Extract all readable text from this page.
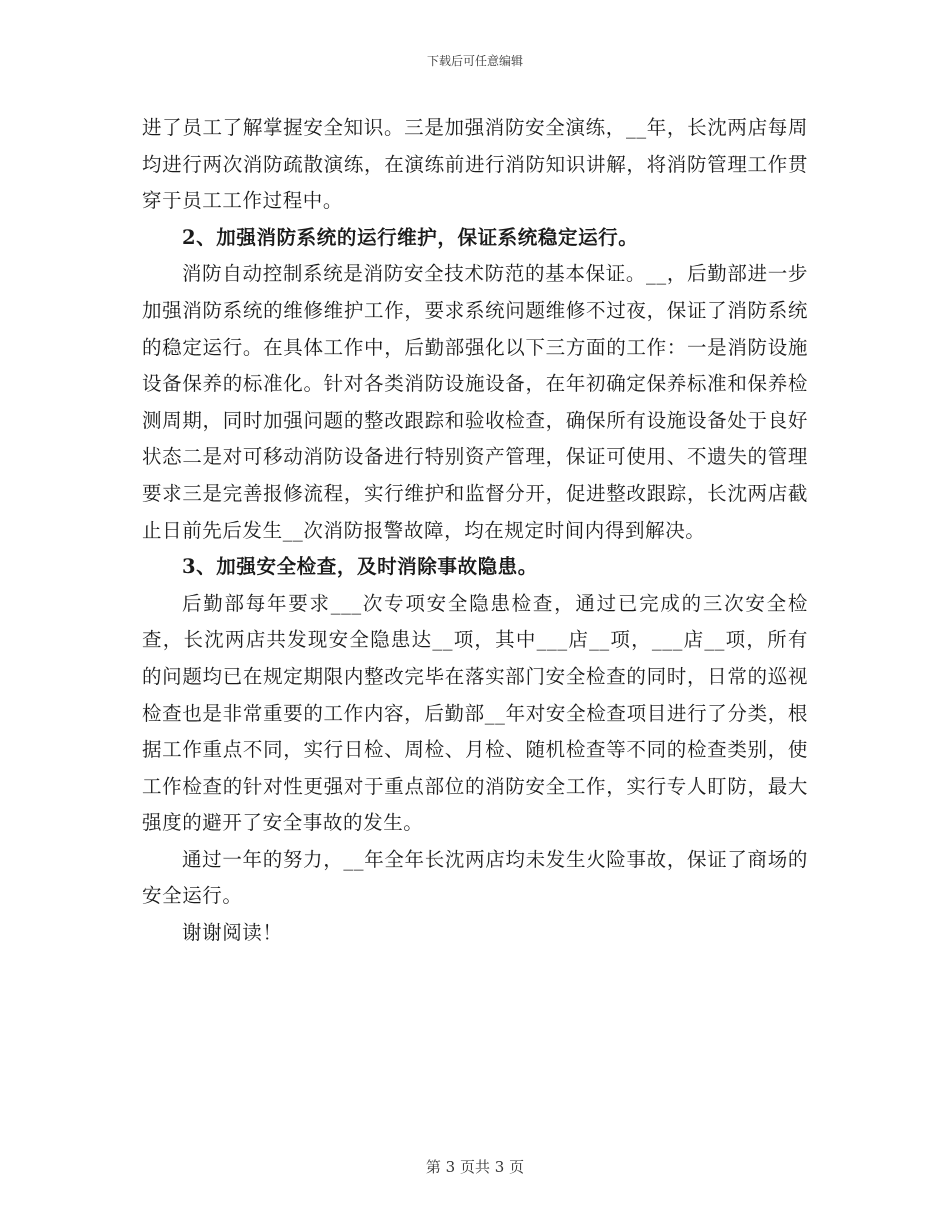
下载后可任意编辑

进了员工了解掌握安全知识。三是加强消防安全演练，__年，长沈两店每周均进行两次消防疏散演练，在演练前进行消防知识讲解，将消防管理工作贯穿于员工工作过程中。

2、加强消防系统的运行维护，保证系统稳定运行。

消防自动控制系统是消防安全技术防范的基本保证。__，后勤部进一步加强消防系统的维修维护工作，要求系统问题维修不过夜，保证了消防系统的稳定运行。在具体工作中，后勤部强化以下三方面的工作：一是消防设施设备保养的标准化。针对各类消防设施设备，在年初确定保养标准和保养检测周期，同时加强问题的整改跟踪和验收检查，确保所有设施设备处于良好状态二是对可移动消防设备进行特别资产管理，保证可使用、不遗失的管理要求三是完善报修流程，实行维护和监督分开，促进整改跟踪，长沈两店截止日前先后发生__次消防报警故障，均在规定时间内得到解决。

3、加强安全检查，及时消除事故隐患。

后勤部每年要求___次专项安全隐患检查，通过已完成的三次安全检查，长沈两店共发现安全隐患达__项，其中___店__项，___店__项，所有的问题均已在规定期限内整改完毕在落实部门安全检查的同时，日常的巡视检查也是非常重要的工作内容，后勤部__年对安全检查项目进行了分类，根据工作重点不同，实行日检、周检、月检、随机检查等不同的检查类别，使工作检查的针对性更强对于重点部位的消防安全工作，实行专人盯防，最大强度的避开了安全事故的发生。

通过一年的努力，__年全年长沈两店均未发生火险事故，保证了商场的安全运行。

谢谢阅读！

第 3 页共 3 页
